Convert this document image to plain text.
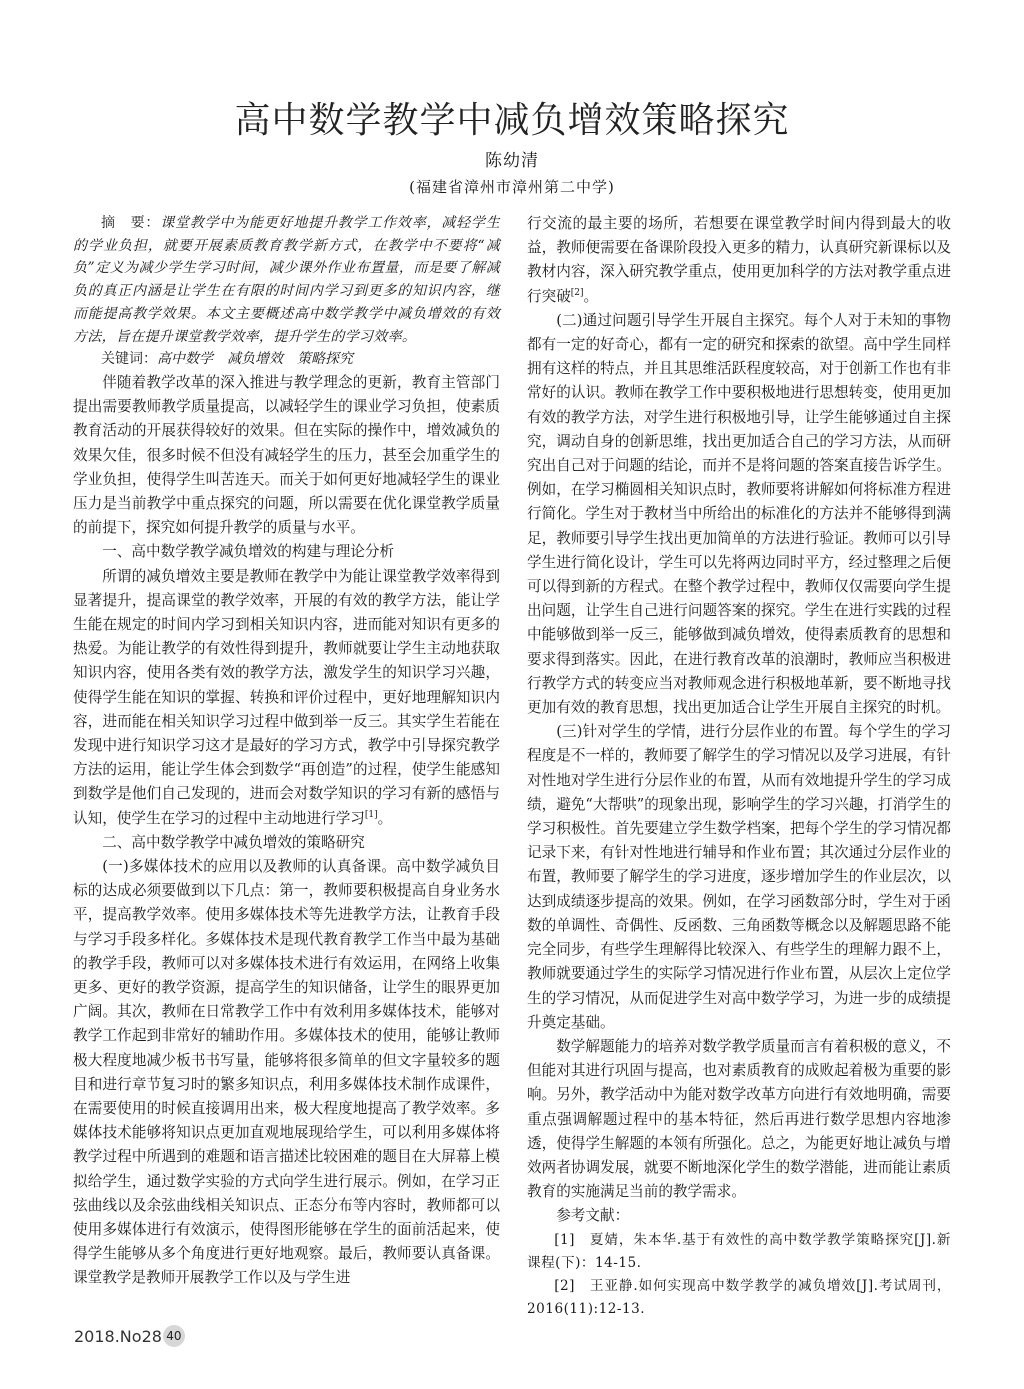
高中数学教学中减负增效策略探究
陈幼清
(福建省漳州市漳州第二中学)

摘　要：课堂教学中为能更好地提升教学工作效率，减轻学生的学业负担，就要开展素质教育教学新方式，在教学中不要将“减负”定义为减少学生学习时间，减少课外作业布置量，而是要了解减负的真正内涵是让学生在有限的时间内学习到更多的知识内容，继而能提高教学效果。本文主要概述高中数学教学中减负增效的有效方法，旨在提升课堂教学效率，提升学生的学习效率。

关键词：高中数学　减负增效　策略探究

伴随着教学改革的深入推进与教学理念的更新，教育主管部门提出需要教师教学质量提高，以减轻学生的课业学习负担，使素质教育活动的开展获得较好的效果。但在实际的操作中，增效减负的效果欠佳，很多时候不但没有减轻学生的压力，甚至会加重学生的学业负担，使得学生叫苦连天。而关于如何更好地减轻学生的课业压力是当前教学中重点探究的问题，所以需要在优化课堂教学质量的前提下，探究如何提升教学的质量与水平。

一、高中数学教学减负增效的构建与理论分析

所谓的减负增效主要是教师在教学中为能让课堂教学效率得到显著提升，提高课堂的教学效率，开展的有效的教学方法，能让学生能在规定的时间内学习到相关知识内容，进而能对知识有更多的热爱。为能让教学的有效性得到提升，教师就要让学生主动地获取知识内容，使用各类有效的教学方法，激发学生的知识学习兴趣，使得学生能在知识的掌握、转换和评价过程中，更好地理解知识内容，进而能在相关知识学习过程中做到举一反三。其实学生若能在发现中进行知识学习这才是最好的学习方式，教学中引导探究教学方法的运用，能让学生体会到数学“再创造”的过程，使学生能感知到数学是他们自己发现的，进而会对数学知识的学习有新的感悟与认知，使学生在学习的过程中主动地进行学习[1]。

二、高中数学教学中减负增效的策略研究

(一)多媒体技术的应用以及教师的认真备课。高中数学减负目标的达成必须要做到以下几点：第一，教师要积极提高自身业务水平，提高教学效率。使用多媒体技术等先进教学方法，让教育手段与学习手段多样化。多媒体技术是现代教育教学工作当中最为基础的教学手段，教师可以对多媒体技术进行有效运用，在网络上收集更多、更好的教学资源，提高学生的知识储备，让学生的眼界更加广阔。其次，教师在日常教学工作中有效利用多媒体技术，能够对教学工作起到非常好的辅助作用。多媒体技术的使用，能够让教师极大程度地减少板书书写量，能够将很多简单的但文字量较多的题目和进行章节复习时的繁多知识点，利用多媒体技术制作成课件，在需要使用的时候直接调用出来，极大程度地提高了教学效率。多媒体技术能够将知识点更加直观地展现给学生，可以利用多媒体将教学过程中所遇到的难题和语言描述比较困难的题目在大屏幕上模拟给学生，通过数学实验的方式向学生进行展示。例如，在学习正弦曲线以及余弦曲线相关知识点、正态分布等内容时，教师都可以使用多媒体进行有效演示，使得图形能够在学生的面前活起来，使得学生能够从多个角度进行更好地观察。最后，教师要认真备课。课堂教学是教师开展教学工作以及与学生进

行交流的最主要的场所，若想要在课堂教学时间内得到最大的收益，教师便需要在备课阶段投入更多的精力，认真研究新课标以及教材内容，深入研究教学重点，使用更加科学的方法对教学重点进行突破[2]。

(二)通过问题引导学生开展自主探究。每个人对于未知的事物都有一定的好奇心，都有一定的研究和探索的欲望。高中学生同样拥有这样的特点，并且其思维活跃程度较高，对于创新工作也有非常好的认识。教师在教学工作中要积极地进行思想转变，使用更加有效的教学方法，对学生进行积极地引导，让学生能够通过自主探究，调动自身的创新思维，找出更加适合自己的学习方法，从而研究出自己对于问题的结论，而并不是将问题的答案直接告诉学生。例如，在学习椭圆相关知识点时，教师要将讲解如何将标准方程进行简化。学生对于教材当中所给出的标准化的方法并不能够得到满足，教师要引导学生找出更加简单的方法进行验证。教师可以引导学生进行简化设计，学生可以先将两边同时平方，经过整理之后便可以得到新的方程式。在整个教学过程中，教师仅仅需要向学生提出问题，让学生自己进行问题答案的探究。学生在进行实践的过程中能够做到举一反三，能够做到减负增效，使得素质教育的思想和要求得到落实。因此，在进行教育改革的浪潮时，教师应当积极进行教学方式的转变应当对教师观念进行积极地革新，要不断地寻找更加有效的教育思想，找出更加适合让学生开展自主探究的时机。

(三)针对学生的学情，进行分层作业的布置。每个学生的学习程度是不一样的，教师要了解学生的学习情况以及学习进展，有针对性地对学生进行分层作业的布置，从而有效地提升学生的学习成绩，避免“大帮哄”的现象出现，影响学生的学习兴趣，打消学生的学习积极性。首先要建立学生数学档案，把每个学生的学习情况都记录下来，有针对性地进行辅导和作业布置；其次通过分层作业的布置，教师要了解学生的学习进度，逐步增加学生的作业层次，以达到成绩逐步提高的效果。例如，在学习函数部分时，学生对于函数的单调性、奇偶性、反函数、三角函数等概念以及解题思路不能完全同步，有些学生理解得比较深入、有些学生的理解力跟不上，教师就要通过学生的实际学习情况进行作业布置，从层次上定位学生的学习情况，从而促进学生对高中数学学习，为进一步的成绩提升奠定基础。

数学解题能力的培养对数学教学质量而言有着积极的意义，不但能对其进行巩固与提高，也对素质教育的成败起着极为重要的影响。另外，教学活动中为能对数学改革方向进行有效地明确，需要重点强调解题过程中的基本特征，然后再进行数学思想内容地渗透，使得学生解题的本领有所强化。总之，为能更好地让减负与增效两者协调发展，就要不断地深化学生的数学潜能，进而能让素质教育的实施满足当前的教学需求。

参考文献：

[1]　夏婧，朱本华.基于有效性的高中数学教学策略探究[J].新课程(下)：14-15.

[2]　王亚静.如何实现高中数学教学的减负增效[J].考试周刊，2016(11):12-13.

2018.No28 40
